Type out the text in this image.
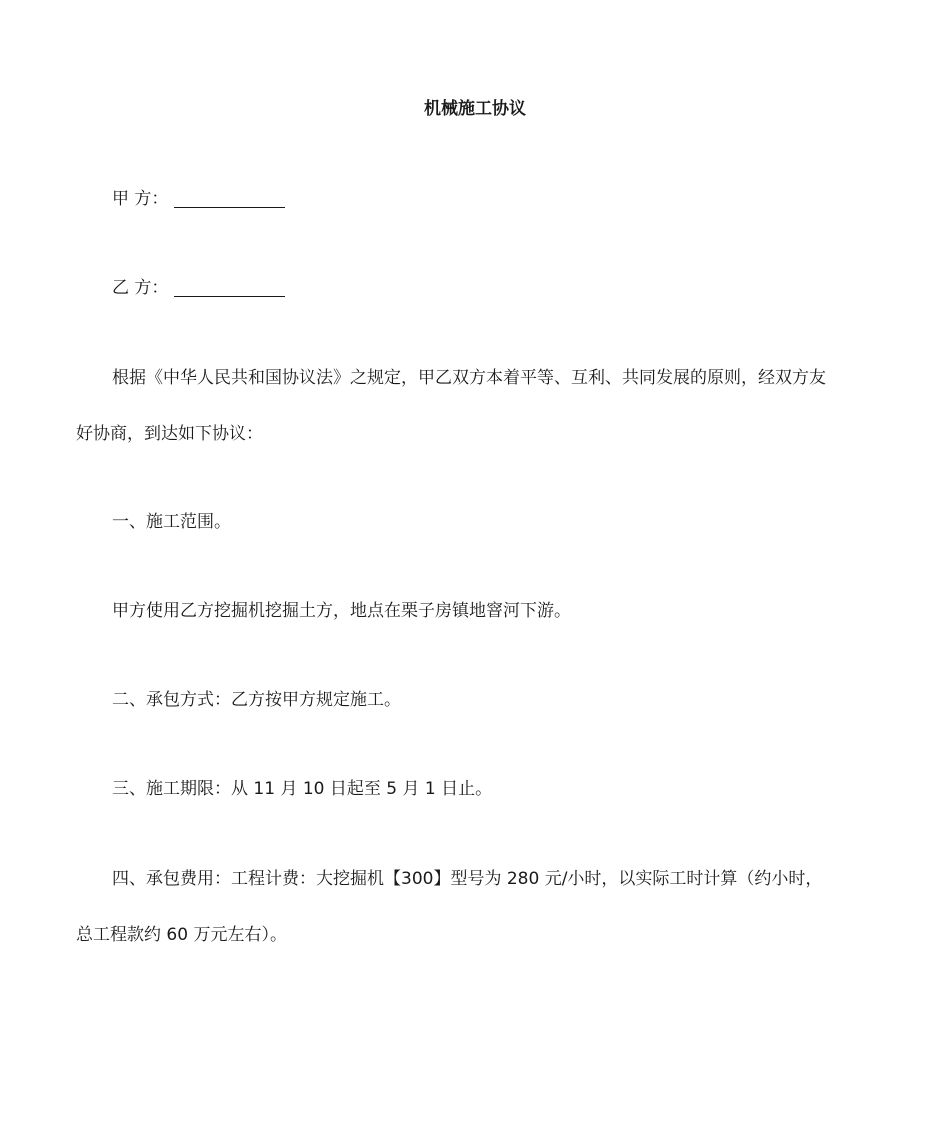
机械施工协议
甲 方：
乙 方：
根据《中华人民共和国协议法》之规定，甲乙双方本着平等、互利、共同发展的原则，经双方友
好协商，到达如下协议：
一、施工范围。
甲方使用乙方挖掘机挖掘土方，地点在栗子房镇地窨河下游。
二、承包方式：乙方按甲方规定施工。
三、施工期限：从 11 月 10 日起至 5 月 1 日止。
四、承包费用：工程计费：大挖掘机【300】型号为 280 元/小时，以实际工时计算（约小时，
总工程款约 60 万元左右）。
